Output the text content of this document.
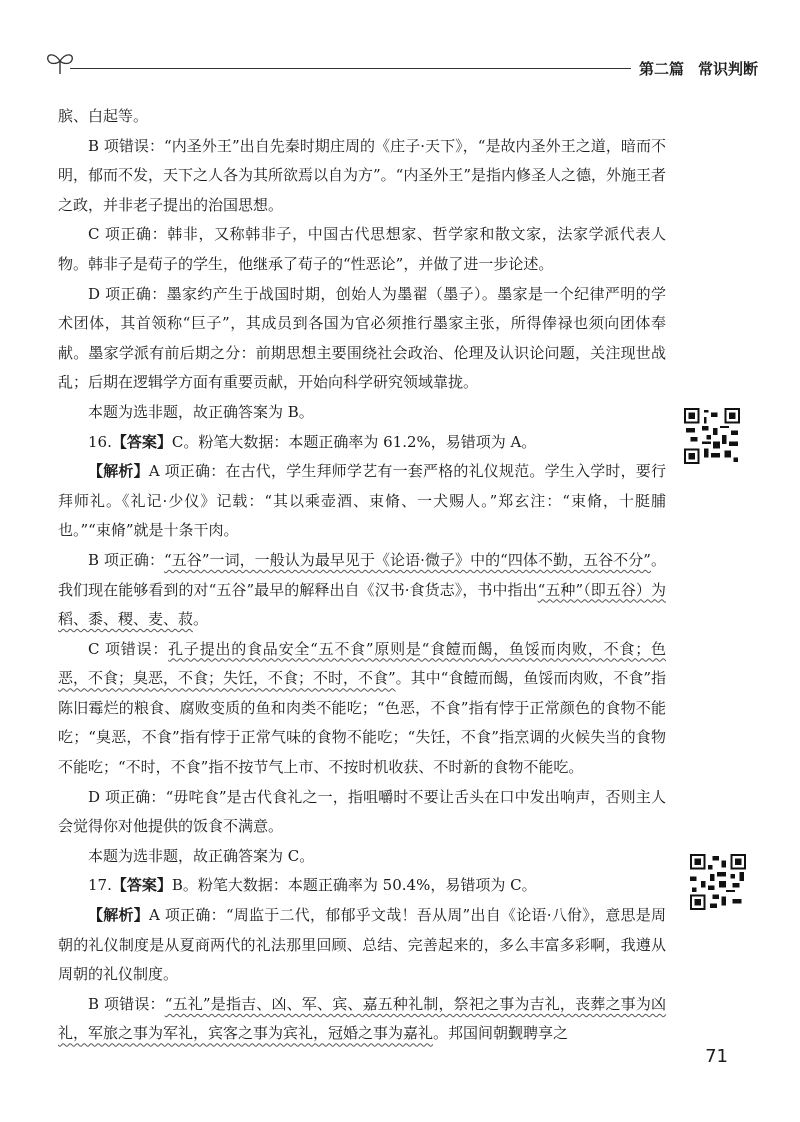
第二篇 常识判断

膑、白起等。

B 项错误：“内圣外王”出自先秦时期庄周的《庄子·天下》，“是故内圣外王之道，暗而不明，郁而不发，天下之人各为其所欲焉以自为方”。“内圣外王”是指内修圣人之德，外施王者之政，并非老子提出的治国思想。

C 项正确：韩非，又称韩非子，中国古代思想家、哲学家和散文家，法家学派代表人物。韩非子是荀子的学生，他继承了荀子的“性恶论”，并做了进一步论述。

D 项正确：墨家约产生于战国时期，创始人为墨翟（墨子）。墨家是一个纪律严明的学术团体，其首领称“巨子”，其成员到各国为官必须推行墨家主张，所得俸禄也须向团体奉献。墨家学派有前后期之分：前期思想主要围绕社会政治、伦理及认识论问题，关注现世战乱；后期在逻辑学方面有重要贡献，开始向科学研究领域靠拢。

本题为选非题，故正确答案为 B。

16.【答案】C。粉笔大数据：本题正确率为 61.2%，易错项为 A。

【解析】A 项正确：在古代，学生拜师学艺有一套严格的礼仪规范。学生入学时，要行拜师礼。《礼记·少仪》记载：“其以乘壶酒、束脩、一犬赐人。”郑玄注：“束脩，十脡脯也。”“束脩”就是十条干肉。

B 项正确：“五谷”一词，一般认为最早见于《论语·微子》中的“四体不勤，五谷不分”。我们现在能够看到的对“五谷”最早的解释出自《汉书·食货志》，书中指出“五种”（即五谷）为稻、黍、稷、麦、菽。

C 项错误：孔子提出的食品安全“五不食”原则是“食饐而餲，鱼馁而肉败，不食；色恶，不食；臭恶，不食；失饪，不食；不时，不食”。其中“食饐而餲，鱼馁而肉败，不食”指陈旧霉烂的粮食、腐败变质的鱼和肉类不能吃；“色恶，不食”指有悖于正常颜色的食物不能吃；“臭恶，不食”指有悖于正常气味的食物不能吃；“失饪，不食”指烹调的火候失当的食物不能吃；“不时，不食”指不按节气上市、不按时机收获、不时新的食物不能吃。

D 项正确：“毋咤食”是古代食礼之一，指咀嚼时不要让舌头在口中发出响声，否则主人会觉得你对他提供的饭食不满意。

本题为选非题，故正确答案为 C。

17.【答案】B。粉笔大数据：本题正确率为 50.4%，易错项为 C。

【解析】A 项正确：“周监于二代，郁郁乎文哉！吾从周”出自《论语·八佾》，意思是周朝的礼仪制度是从夏商两代的礼法那里回顾、总结、完善起来的，多么丰富多彩啊，我遵从周朝的礼仪制度。

B 项错误：“五礼”是指吉、凶、军、宾、嘉五种礼制，祭祀之事为吉礼，丧葬之事为凶礼，军旅之事为军礼，宾客之事为宾礼，冠婚之事为嘉礼。邦国间朝觐聘享之

71
